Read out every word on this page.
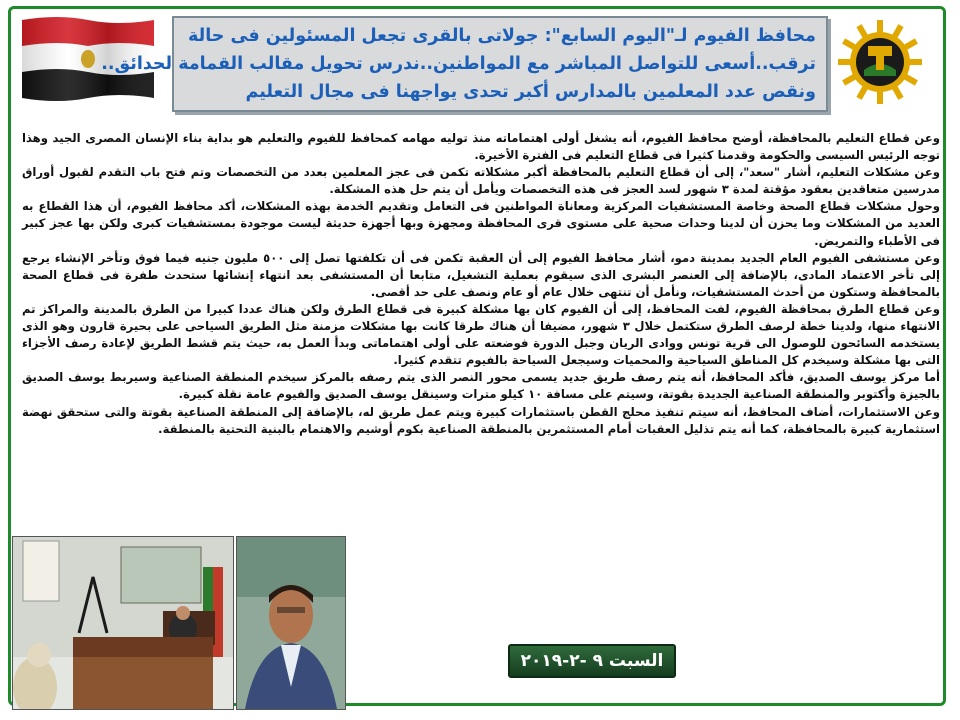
محافظ الفيوم لـ"اليوم السابع": جولاتى بالقرى تجعل المسئولين فى حالة

ترقب..أسعى للتواصل المباشر مع المواطنين..ندرس تحويل مقالب القمامة لحدائق..

ونقص عدد المعلمين بالمدارس أكبر تحدى يواجهنا فى مجال التعليم

وعن قطاع التعليم بالمحافظة، أوضح محافظ الفيوم، أنه يشغل أولى اهتماماته منذ توليه مهامه كمحافظ للفيوم والتعليم هو بداية بناء الإنسان المصرى الجيد وهذا توجه الرئيس السيسى والحكومة وقدمنا كثيرا فى قطاع التعليم فى الفترة الأخيرة.

وعن مشكلات التعليم، أشار "سعد"، إلى أن قطاع التعليم بالمحافظة أكبر مشكلاته تكمن فى عجز المعلمين بعدد من التخصصات وتم فتح باب التقدم لقبول أوراق مدرسين متعاقدين بعقود مؤقتة لمدة ٣ شهور لسد العجز فى هذه التخصصات ويأمل أن يتم حل هذه المشكلة.

وحول مشكلات قطاع الصحة وخاصة المستشفيات المركزية ومعاناة المواطنين فى التعامل وتقديم الخدمة بهذه المشكلات، أكد محافظ الفيوم، أن هذا القطاع به العديد من المشكلات وما يحزن أن لدينا وحدات صحية على مستوى قرى المحافظة ومجهزة وبها أجهزة حديثة ليست موجودة بمستشفيات كبرى ولكن بها عجز كبير فى الأطباء والتمريض.

وعن مستشفى الفيوم العام الجديد بمدينة دمو، أشار محافظ الفيوم إلى أن العقبة تكمن فى أن تكلفتها تصل إلى ٥٠٠ مليون جنيه فيما فوق وتأخر الإنشاء يرجع إلى تأخر الاعتماد المادى، بالإضافة إلى العنصر البشرى الذى سيقوم بعملية التشغيل، متابعا أن المستشفى بعد انتهاء إنشائها ستحدث طفرة فى قطاع الصحة بالمحافظة وستكون من أحدث المستشفيات، ونأمل أن تنتهى خلال عام أو عام ونصف على حد أقصى.

وعن قطاع الطرق بمحافظة الفيوم، لفت المحافظ، إلى أن الفيوم كان بها مشكلة كبيرة فى قطاع الطرق ولكن هناك عددا كبيرا من الطرق بالمدينة والمراكز تم الانتهاء منها، ولدينا خطة لرصف الطرق ستكتمل خلال ٣ شهور، مضيفا أن هناك طرقا كانت بها مشكلات مزمنة مثل الطريق السياحى على بحيرة قارون وهو الذى يستخدمه السائحون للوصول الى قرية تونس ووادى الريان وجبل الدورة فوضعته على أولى اهتماماتى وبدأ العمل به، حيث يتم قشط الطريق لإعادة رصف الأجزاء التى بها مشكلة وسيخدم كل المناطق السياحية والمحميات وسيجعل السياحة بالفيوم تتقدم كثيرا.

أما مركز يوسف الصديق، فأكد المحافظ، أنه يتم رصف طريق جديد يسمى محور النصر الذى يتم رصفه بالمركز سيخدم المنطقة الصناعية وسيربط يوسف الصديق بالجيزة وأكتوبر والمنطقة الصناعية الجديدة بقوتة، وسيتم على مسافة ١٠ كيلو مترات وسينقل يوسف الصديق والفيوم عامة نقلة كبيرة.

وعن الاستثمارات، أضاف المحافظ، أنه سيتم تنفيذ محلج القطن باستثمارات كبيرة ويتم عمل طريق له، بالإضافة إلى المنطقة الصناعية بقوتة والتى ستحقق نهضة استثمارية كبيرة بالمحافظة، كما أنه يتم تذليل العقبات أمام المستثمرين بالمنطقة الصناعية بكوم أوشيم والاهتمام بالبنية التحتية بالمنطقة.

السبت ٩ -٢-٢٠١٩
